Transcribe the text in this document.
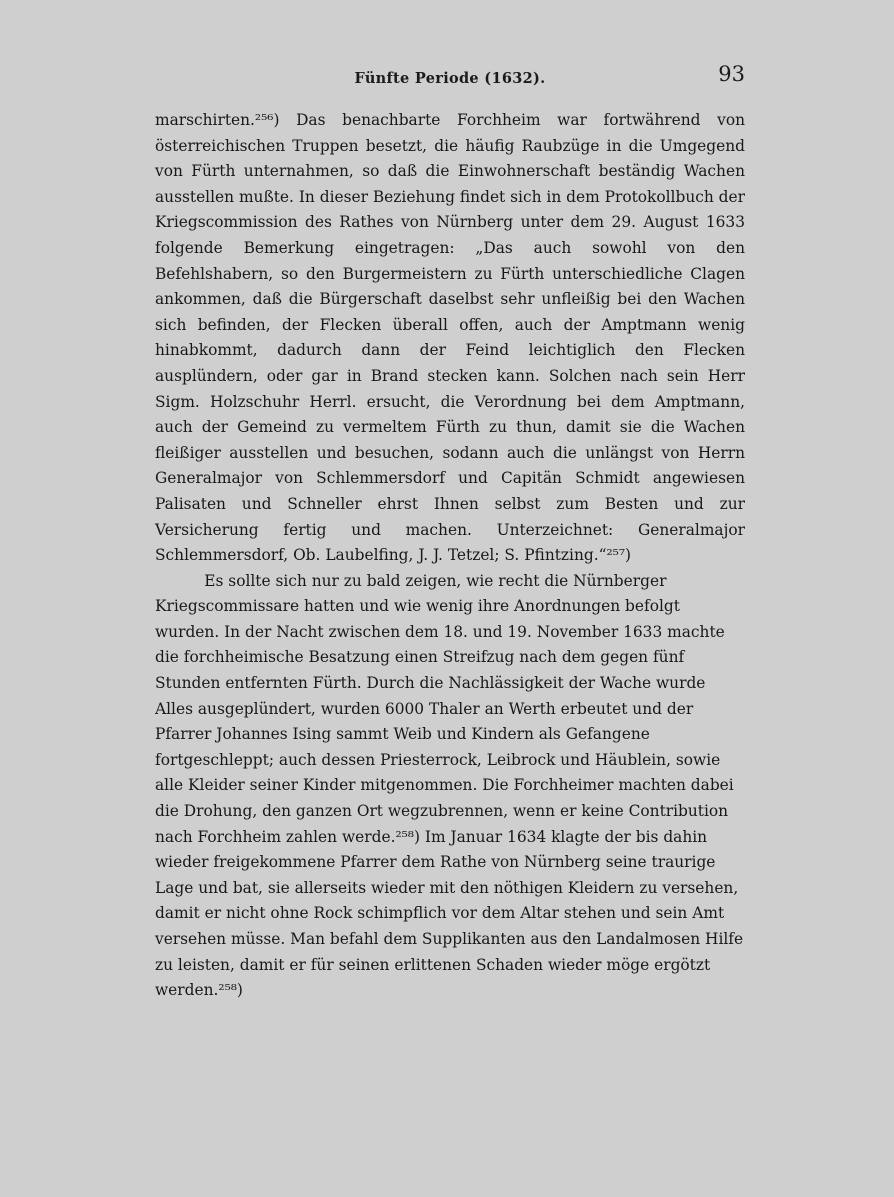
Fünfte Periode (1632).	93

marschirten.²⁵⁶) Das benachbarte Forchheim war fortwährend von österreichischen Truppen besetzt, die häufig Raubzüge in die Umgegend von Fürth unternahmen, so daß die Einwohnerschaft beständig Wachen ausstellen mußte. In dieser Beziehung findet sich in dem Protokollbuch der Kriegscommission des Rathes von Nürnberg unter dem 29. August 1633 folgende Bemerkung eingetragen: „Das auch sowohl von den Befehlshabern, so den Burgermeistern zu Fürth unterschiedliche Clagen ankommen, daß die Bürgerschaft daselbst sehr unfleißig bei den Wachen sich befinden, der Flecken überall offen, auch der Amptmann wenig hinabkommt, dadurch dann der Feind leichtiglich den Flecken ausplündern, oder gar in Brand stecken kann. Solchen nach sein Herr Sigm. Holzschuhr Herrl. ersucht, die Verordnung bei dem Amptmann, auch der Gemeind zu vermeltem Fürth zu thun, damit sie die Wachen fleißiger ausstellen und besuchen, sodann auch die unlängst von Herrn Generalmajor von Schlemmersdorf und Capitän Schmidt angewiesen Palisaten und Schneller ehrst Ihnen selbst zum Besten und zur Versicherung fertig und machen. Unterzeichnet: Generalmajor Schlemmersdorf, Ob. Laubelfing, J. J. Tetzel; S. Pfintzing.“²⁵⁷)

Es sollte sich nur zu bald zeigen, wie recht die Nürnberger Kriegscommissare hatten und wie wenig ihre Anordnungen befolgt wurden. In der Nacht zwischen dem 18. und 19. November 1633 machte die forchheimische Besatzung einen Streifzug nach dem gegen fünf Stunden entfernten Fürth. Durch die Nachlässigkeit der Wache wurde Alles ausgeplündert, wurden 6000 Thaler an Werth erbeutet und der Pfarrer Johannes Ising sammt Weib und Kindern als Gefangene fortgeschleppt; auch dessen Priesterrock, Leibrock und Häublein, sowie alle Kleider seiner Kinder mitgenommen. Die Forchheimer machten dabei die Drohung, den ganzen Ort wegzubrennen, wenn er keine Contribution nach Forchheim zahlen werde.²⁵⁸) Im Januar 1634 klagte der bis dahin wieder freigekommene Pfarrer dem Rathe von Nürnberg seine traurige Lage und bat, sie allerseits wieder mit den nöthigen Kleidern zu versehen, damit er nicht ohne Rock schimpflich vor dem Altar stehen und sein Amt versehen müsse. Man befahl dem Supplikanten aus den Landalmosen Hilfe zu leisten, damit er für seinen erlittenen Schaden wieder möge ergötzt werden.²⁵⁸)
